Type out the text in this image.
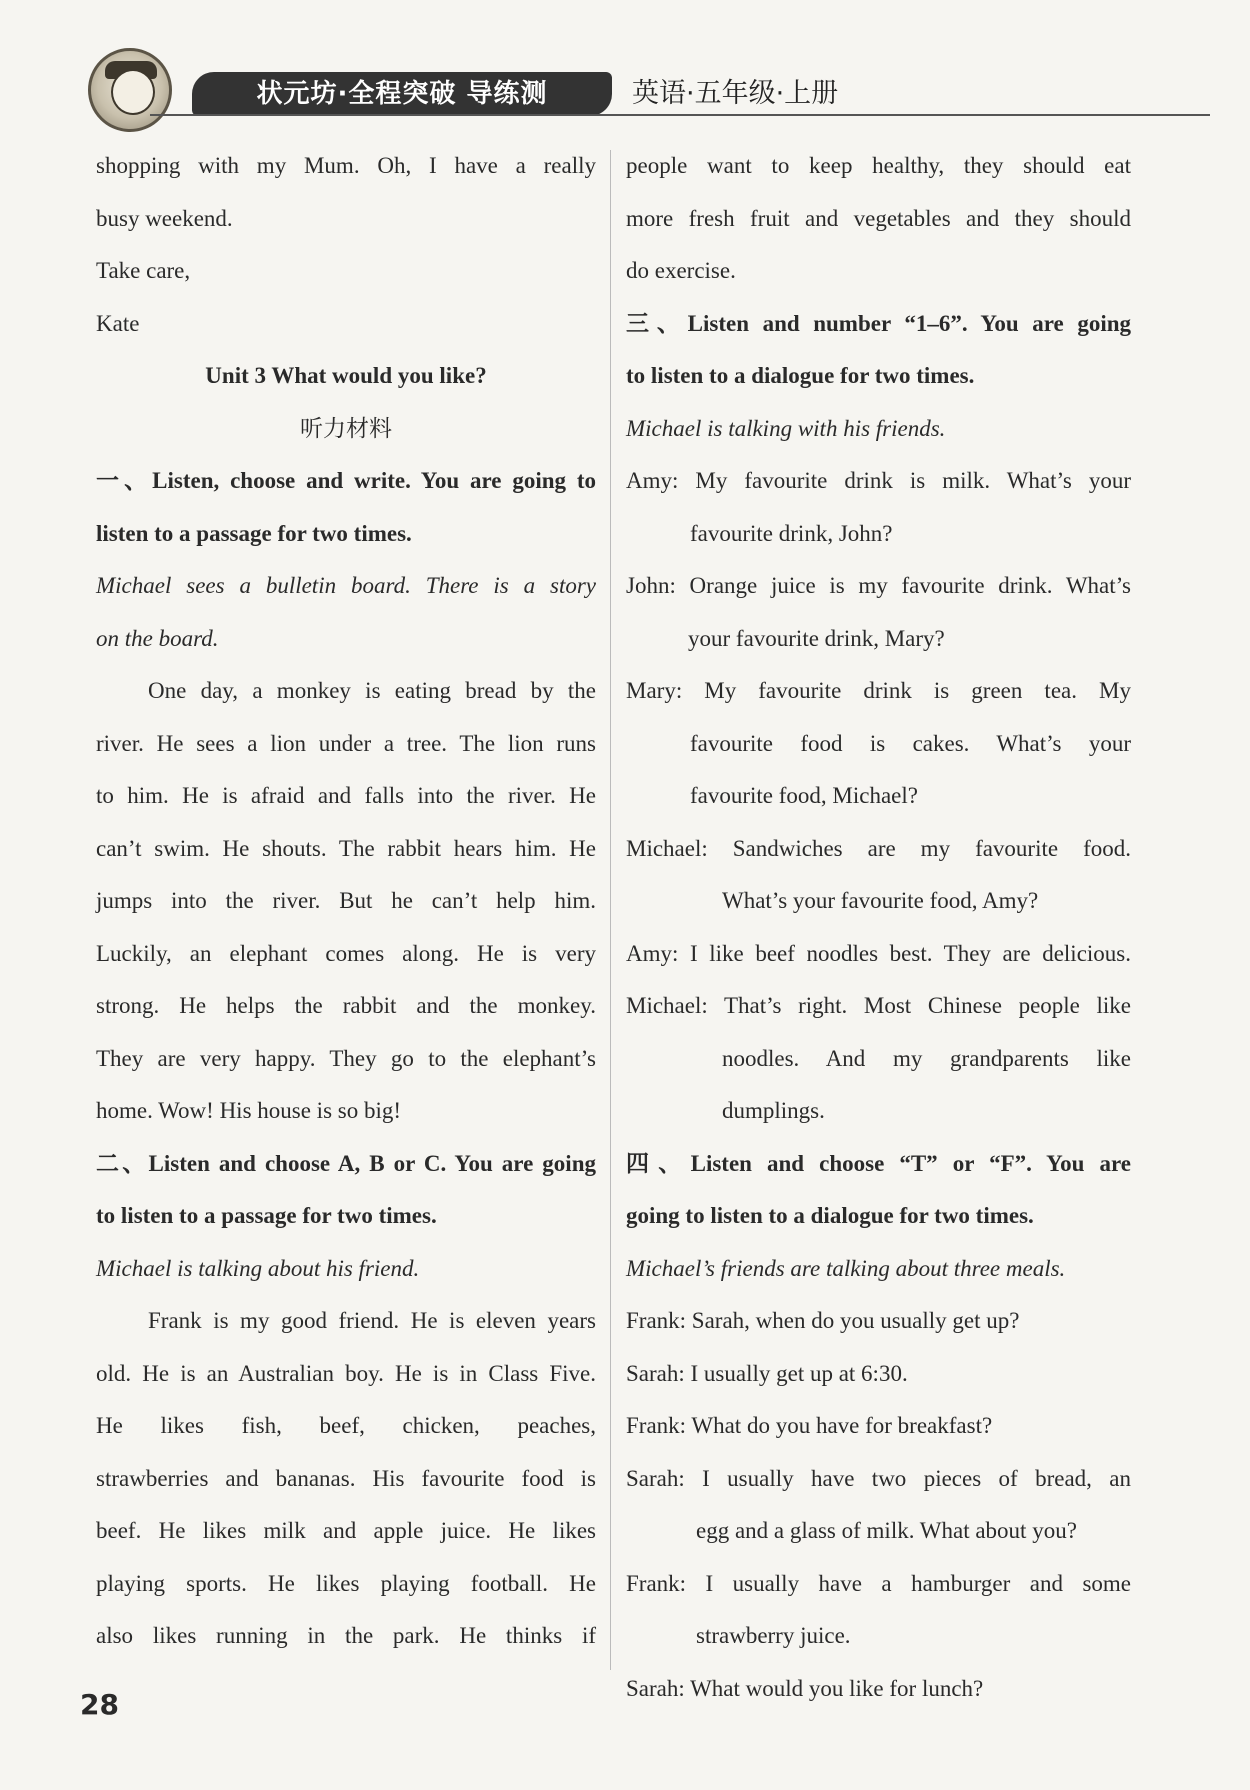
状元坊·全程突破 导练测	英语·五年级·上册

shopping with my Mum. Oh, I have a really

busy weekend.

Take care,

Kate

Unit 3 What would you like?

听力材料

一、Listen, choose and write. You are going to

listen to a passage for two times.

Michael sees a bulletin board. There is a story

on the board.

One day, a monkey is eating bread by the

river. He sees a lion under a tree. The lion runs

to him. He is afraid and falls into the river. He

can’t swim. He shouts. The rabbit hears him. He

jumps into the river. But he can’t help him.

Luckily, an elephant comes along. He is very

strong. He helps the rabbit and the monkey.

They are very happy. They go to the elephant’s

home. Wow! His house is so big!

二、Listen and choose A, B or C. You are going

to listen to a passage for two times.

Michael is talking about his friend.

Frank is my good friend. He is eleven years

old. He is an Australian boy. He is in Class Five.

He likes fish, beef, chicken, peaches,

strawberries and bananas. His favourite food is

beef. He likes milk and apple juice. He likes

playing sports. He likes playing football. He

also likes running in the park. He thinks if

people want to keep healthy, they should eat

more fresh fruit and vegetables and they should

do exercise.

三、Listen and number “1–6”. You are going

to listen to a dialogue for two times.

Michael is talking with his friends.

Amy: My favourite drink is milk. What’s your

favourite drink, John?

John: Orange juice is my favourite drink. What’s

your favourite drink, Mary?

Mary: My favourite drink is green tea. My

favourite food is cakes. What’s your

favourite food, Michael?

Michael: Sandwiches are my favourite food.

What’s your favourite food, Amy?

Amy: I like beef noodles best. They are delicious.

Michael: That’s right. Most Chinese people like

noodles. And my grandparents like

dumplings.

四、Listen and choose “T” or “F”. You are

going to listen to a dialogue for two times.

Michael’s friends are talking about three meals.

Frank: Sarah, when do you usually get up?

Sarah: I usually get up at 6:30.

Frank: What do you have for breakfast?

Sarah: I usually have two pieces of bread, an

egg and a glass of milk. What about you?

Frank: I usually have a hamburger and some

strawberry juice.

Sarah: What would you like for lunch?

28
